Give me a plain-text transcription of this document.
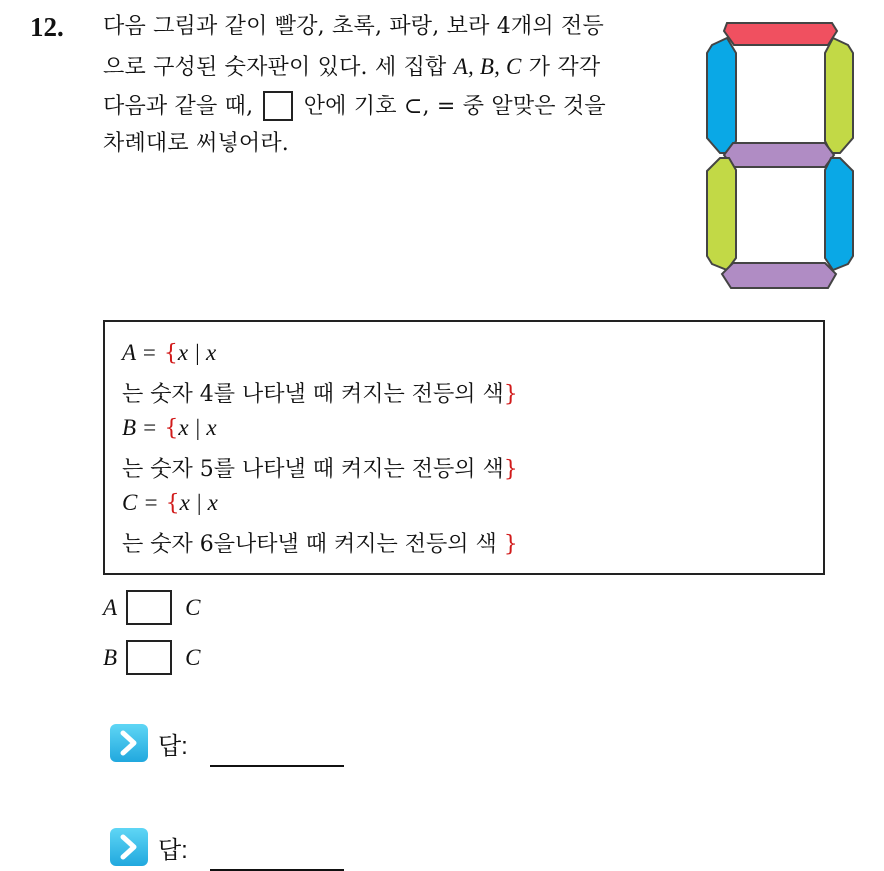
12. 다음 그림과 같이 빨강, 초록, 파랑, 보라 4개의 전등
으로 구성된 숫자판이 있다. 세 집합 A, B, C 가 각각
다음과 같을 때, 안에 기호 ⊂, = 중 알맞은 것을
차례대로 써넣어라.
A = {x | x
는 숫자 4를 나타낼 때 켜지는 전등의 색}
B = {x | x
는 숫자 5를 나타낼 때 켜지는 전등의 색}
C = {x | x
는 숫자 6을나타낼 때 켜지는 전등의 색 }
A	C
B	C
답:
답:
